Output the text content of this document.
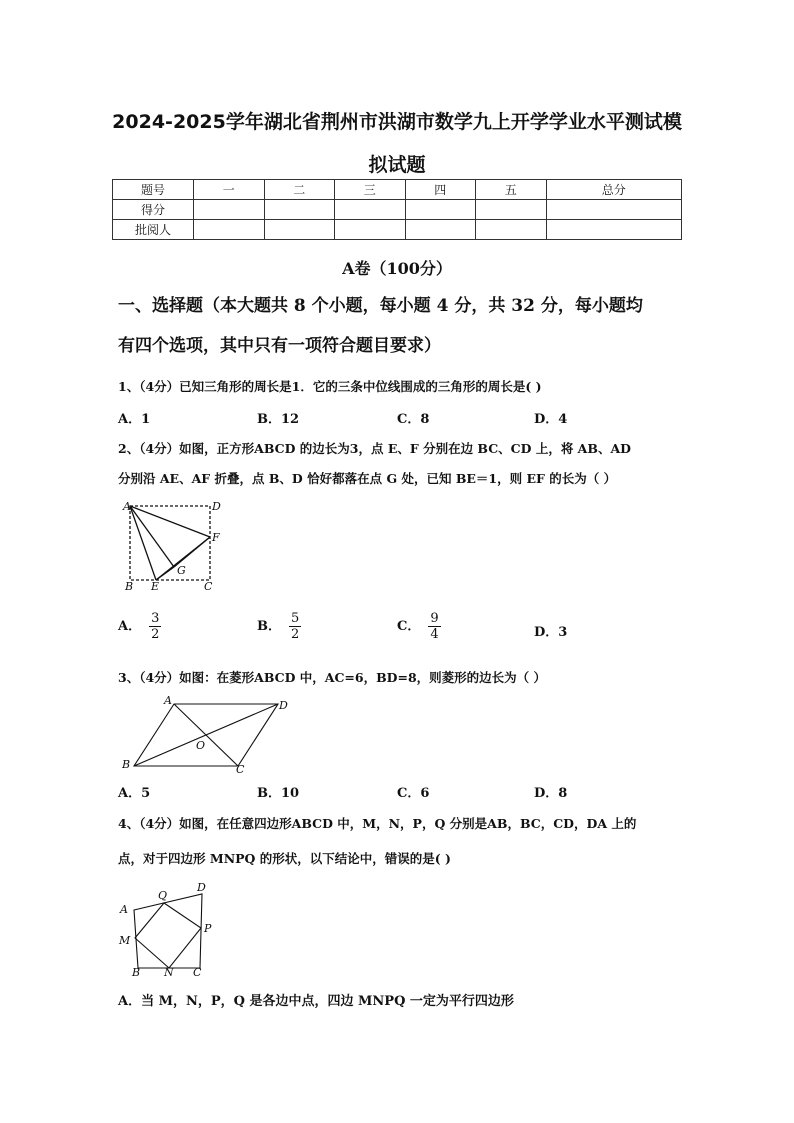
2024-2025学年湖北省荆州市洪湖市数学九上开学学业水平测试模
拟试题
题号	一	二	三	四	五	总分
得分						
批阅人						
A卷（100分）
一、选择题（本大题共 8 个小题，每小题 4 分，共 32 分，每小题均
有四个选项，其中只有一项符合题目要求）
1、（4分）已知三角形的周长是1．它的三条中位线围成的三角形的周长是( )
A．1	B．12	C．8	D．4
2、（4分）如图，正方形ABCD 的边长为3，点 E、F 分别在边 BC、CD 上，将 AB、AD
分别沿 AE、AF 折叠，点 B、D 恰好都落在点 G 处，已知 BE＝1，则 EF 的长为（ ）
A	D
F
G
B E	C
A． $\frac{3}{2}$	B． $\frac{5}{2}$	C． $\frac{9}{4}$	D．3
3、（4分）如图：在菱形ABCD 中，AC=6，BD=8，则菱形的边长为（ ）
A	D
O
B	C
A．5	B．10	C．6	D．8
4、（4分）如图，在任意四边形ABCD 中，M，N，P，Q 分别是AB，BC，CD，DA 上的
点，对于四边形 MNPQ 的形状，以下结论中，错误的是( )
Q
D
A
P
M
B N C
A．当 M，N，P，Q 是各边中点，四边 MNPQ 一定为平行四边形
